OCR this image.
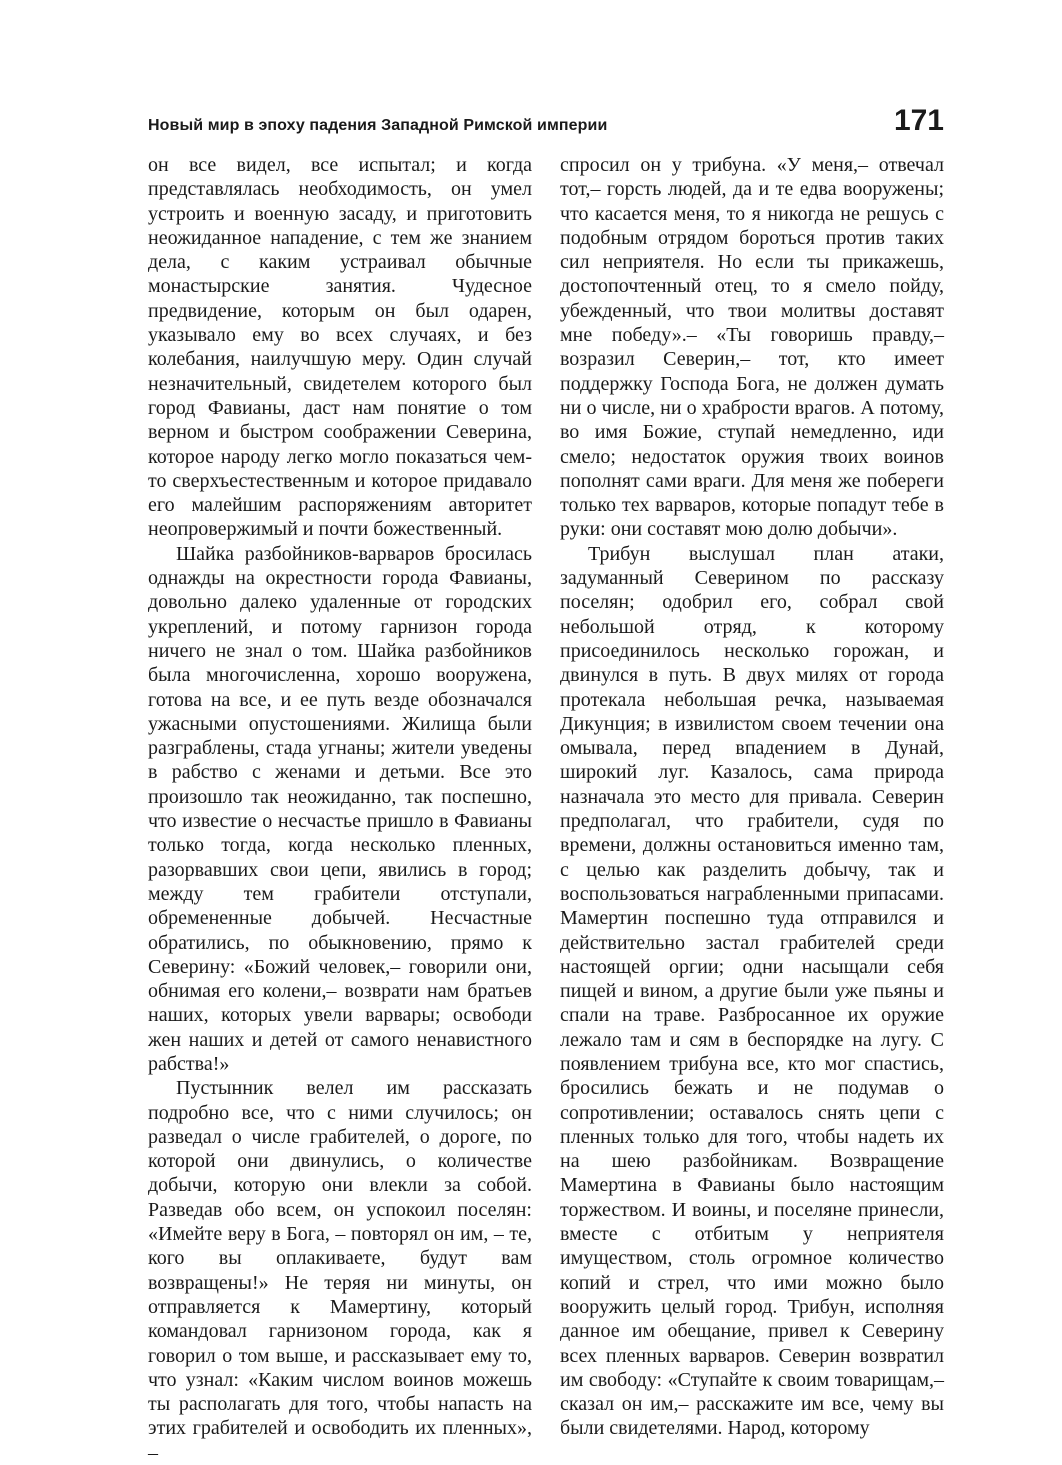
Новый мир в эпоху падения Западной Римской империи	171

он все видел, все испытал; и когда представлялась необходимость, он умел устроить и военную засаду, и приготовить неожиданное нападение, с тем же знанием дела, с каким устраивал обычные монастырские занятия. Чудесное предвидение, которым он был одарен, указывало ему во всех случаях, и без колебания, наилучшую меру. Один случай незначительный, свидетелем которого был город Фавианы, даст нам понятие о том верном и быстром соображении Северина, которое народу легко могло показаться чем-то сверхъестественным и которое придавало его малейшим распоряжениям авторитет неопровержимый и почти божественный.

Шайка разбойников-варваров бросилась однажды на окрестности города Фавианы, довольно далеко удаленные от городских укреплений, и потому гарнизон города ничего не знал о том. Шайка разбойников была многочисленна, хорошо вооружена, готова на все, и ее путь везде обозначался ужасными опустошениями. Жилища были разграблены, стада угнаны; жители уведены в рабство с женами и детьми. Все это произошло так неожиданно, так поспешно, что известие о несчастье пришло в Фавианы только тогда, когда несколько пленных, разорвавших свои цепи, явились в город; между тем грабители отступали, обремененные добычей. Несчастные обратились, по обыкновению, прямо к Северину: «Божий человек,– говорили они, обнимая его колени,– возврати нам братьев наших, которых увели варвары; освободи жен наших и детей от самого ненавистного рабства!»

Пустынник велел им рассказать подробно все, что с ними случилось; он разведал о числе грабителей, о дороге, по которой они двинулись, о количестве добычи, которую они влекли за собой. Разведав обо всем, он успокоил поселян: «Имейте веру в Бога, – повторял он им, – те, кого вы оплакиваете, будут вам возвращены!» Не теряя ни минуты, он отправляется к Мамертину, который командовал гарнизоном города, как я говорил о том выше, и рассказывает ему то, что узнал: «Каким числом воинов можешь ты располагать для того, чтобы напасть на этих грабителей и освободить их пленных», –

спросил он у трибуна. «У меня,– отвечал тот,– горсть людей, да и те едва вооружены; что касается меня, то я никогда не решусь с подобным отрядом бороться против таких сил неприятеля. Но если ты прикажешь, достопочтенный отец, то я смело пойду, убежденный, что твои молитвы доставят мне победу».– «Ты говоришь правду,– возразил Северин,– тот, кто имеет поддержку Господа Бога, не должен думать ни о числе, ни о храбрости врагов. А потому, во имя Божие, ступай немедленно, иди смело; недостаток оружия твоих воинов пополнят сами враги. Для меня же побереги только тех варваров, которые попадут тебе в руки: они составят мою долю добычи».

Трибун выслушал план атаки, задуманный Северином по рассказу поселян; одобрил его, собрал свой небольшой отряд, к которому присоединилось несколько горожан, и двинулся в путь. В двух милях от города протекала небольшая речка, называемая Дикунция; в извилистом своем течении она омывала, перед впадением в Дунай, широкий луг. Казалось, сама природа назначала это место для привала. Северин предполагал, что грабители, судя по времени, должны остановиться именно там, с целью как разделить добычу, так и воспользоваться награбленными припасами. Мамертин поспешно туда отправился и действительно застал грабителей среди настоящей оргии; одни насыщали себя пищей и вином, а другие были уже пьяны и спали на траве. Разбросанное их оружие лежало там и сям в беспорядке на лугу. С появлением трибуна все, кто мог спастись, бросились бежать и не подумав о сопротивлении; оставалось снять цепи с пленных только для того, чтобы надеть их на шею разбойникам. Возвращение Мамертина в Фавианы было настоящим торжеством. И воины, и поселяне принесли, вместе с отбитым у неприятеля имуществом, столь огромное количество копий и стрел, что ими можно было вооружить целый город. Трибун, исполняя данное им обещание, привел к Северину всех пленных варваров. Северин возвратил им свободу: «Ступайте к своим товарищам,– сказал он им,– расскажите им все, чему вы были свидетелями. Народ, которому
